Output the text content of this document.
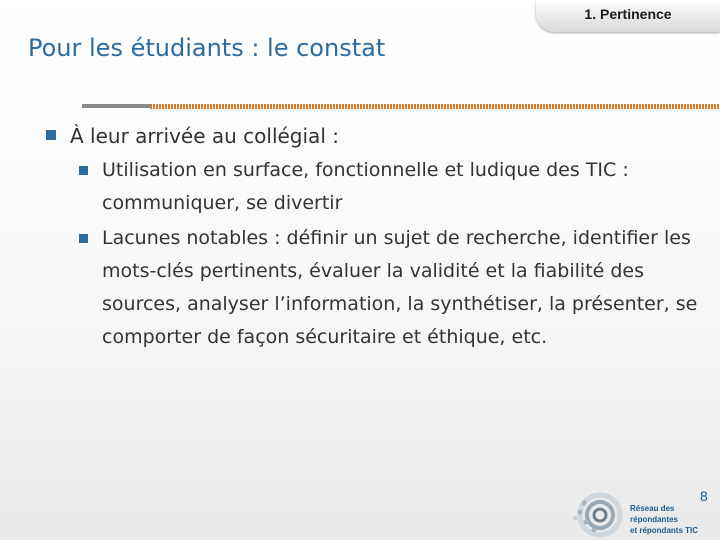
1. Pertinence
Pour les étudiants : le constat
À leur arrivée au collégial :
Utilisation en surface, fonctionnelle et ludique des TIC : communiquer, se divertir
Lacunes notables : définir un sujet de recherche, identifier les mots-clés pertinents, évaluer la validité et la fiabilité des sources, analyser l’information, la synthétiser, la présenter, se comporter de façon sécuritaire et éthique, etc.
Réseau des répondantes
et répondants TIC
8
